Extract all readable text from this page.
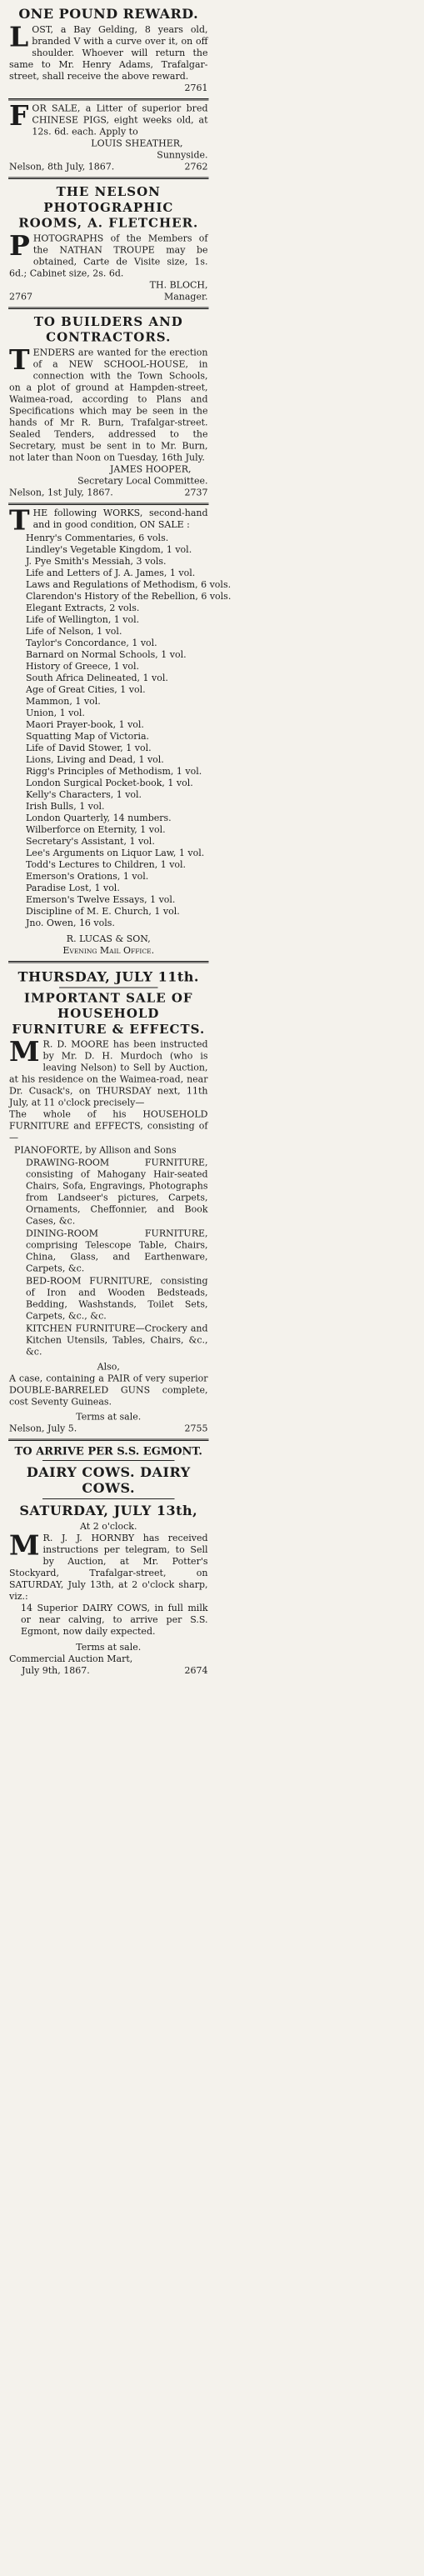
ONE POUND REWARD.

LOST, a Bay Gelding, 8 years old, branded V with a curve over it, on off shoulder. Whoever will return the same to Mr. Henry Adams, Trafalgar-street, shall receive the above reward.

2761

FOR SALE, a Litter of superior bred CHINESE PIGS, eight weeks old, at 12s. 6d. each. Apply to

LOUIS SHEATHER,
Sunnyside.
Nelson, 8th July, 1867.	2762
THE NELSON PHOTOGRAPHIC ROOMS, A. FLETCHER.

PHOTOGRAPHS of the Members of the NATHAN TROUPE may be obtained, Carte de Visite size, 1s. 6d.; Cabinet size, 2s. 6d.

TH. BLOCH,
2767	Manager.
TO BUILDERS AND CONTRACTORS.

TENDERS are wanted for the erection of a NEW SCHOOL-HOUSE, in connection with the Town Schools, on a plot of ground at Hampden-street, Waimea-road, according to Plans and Specifications which may be seen in the hands of Mr R. Burn, Trafalgar-street. Sealed Tenders, addressed to the Secretary, must be sent in to Mr. Burn, not later than Noon on Tuesday, 16th July.

JAMES HOOPER,
Secretary Local Committee.
Nelson, 1st July, 1867.	2737

THE following WORKS, second-hand and in good condition, ON SALE :

Henry's Commentaries, 6 vols.
Lindley's Vegetable Kingdom, 1 vol.
J. Pye Smith's Messiah, 3 vols.
Life and Letters of J. A. James, 1 vol.
Laws and Regulations of Methodism, 6 vols.
Clarendon's History of the Rebellion, 6 vols.
Elegant Extracts, 2 vols.
Life of Wellington, 1 vol.
Life of Nelson, 1 vol.
Taylor's Concordance, 1 vol.
Barnard on Normal Schools, 1 vol.
History of Greece, 1 vol.
South Africa Delineated, 1 vol.
Age of Great Cities, 1 vol.
Mammon, 1 vol.
Union, 1 vol.
Maori Prayer-book, 1 vol.
Squatting Map of Victoria.
Life of David Stower, 1 vol.
Lions, Living and Dead, 1 vol.
Rigg's Principles of Methodism, 1 vol.
London Surgical Pocket-book, 1 vol.
Kelly's Characters, 1 vol.
Irish Bulls, 1 vol.
London Quarterly, 14 numbers.
Wilberforce on Eternity, 1 vol.
Secretary's Assistant, 1 vol.
Lee's Arguments on Liquor Law, 1 vol.
Todd's Lectures to Children, 1 vol.
Emerson's Orations, 1 vol.
Paradise Lost, 1 vol.
Emerson's Twelve Essays, 1 vol.
Discipline of M. E. Church, 1 vol.
Jno. Owen, 16 vols.
R. LUCAS & SON,
Evening Mail Office.
THURSDAY, JULY 11th.
IMPORTANT SALE OF HOUSEHOLD FURNITURE & EFFECTS.

M R. D. MOORE has been instructed by Mr. D. H. Murdoch (who is leaving Nelson) to Sell by Auction, at his residence on the Waimea-road, near Dr. Cusack's, on THURSDAY next, 11th July, at 11 o'clock precisely—

The whole of his HOUSEHOLD FURNITURE and EFFECTS, consisting of—

PIANOFORTE, by Allison and Sons
DRAWING-ROOM FURNITURE, consisting of Mahogany Hair-seated Chairs, Sofa, Engravings, Photographs from Landseer's pictures, Carpets, Ornaments, Cheffonnier, and Book Cases, &c.
DINING-ROOM FURNITURE, comprising Telescope Table, Chairs, China, Glass, and Earthenware, Carpets, &c.
BED-ROOM FURNITURE, consisting of Iron and Wooden Bedsteads, Bedding, Washstands, Toilet Sets, Carpets, &c., &c.
KITCHEN FURNITURE—Crockery and Kitchen Utensils, Tables, Chairs, &c., &c.
Also,

A case, containing a PAIR of very superior DOUBLE-BARRELED GUNS complete, cost Seventy Guineas.

Terms at sale.
Nelson, July 5.	2755
TO ARRIVE PER S.S. EGMONT.
DAIRY COWS. DAIRY COWS.
SATURDAY, JULY 13th,
At 2 o'clock.

M R. J. J. HORNBY has received instructions per telegram, to Sell by Auction, at Mr. Potter's Stockyard, Trafalgar-street, on SATURDAY, July 13th, at 2 o'clock sharp, viz.:

14 Superior DAIRY COWS, in full milk or near calving, to arrive per S.S. Egmont, now daily expected.

Terms at sale.
Commercial Auction Mart,
July 9th, 1867.	2674
